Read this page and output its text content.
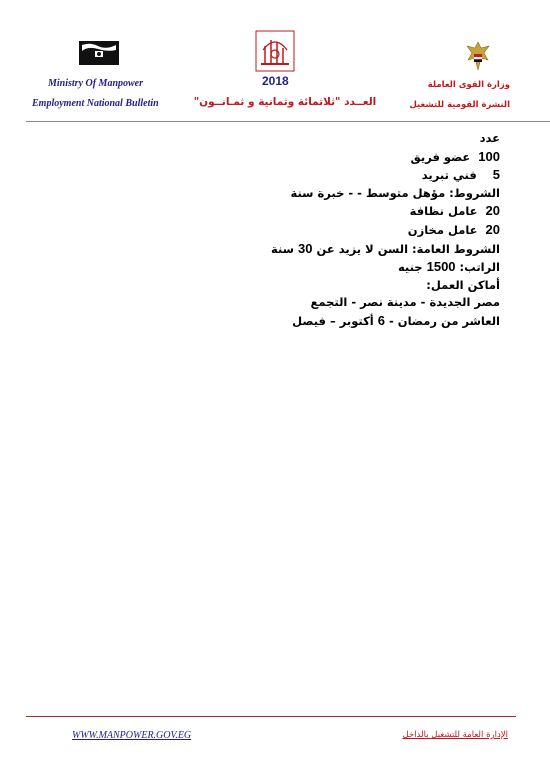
Ministry Of Manpower
Employment National Bulletin
2018
العــدد "ثلاثمائة وثمانية و ثمـانــون"
وزارة القوى العاملة
النشرة القومية للتشغيل
عدد
100عضو فريق
5فني تبريد
الشروط: مؤهل متوسط - - خبرة سنة
20عامل نظافة
20عامل مخازن
الشروط العامة: السن لا يزيد عن 30 سنة
الراتب: 1500 جنيه
أماكن العمل:
مصر الجديدة - مدينة نصر - التجمع
العاشر من رمضان - 6 أكتوبر – فيصل
WWW.MANPOWER.GOV.EG	الإدارة العامة للتشغيل بالداخل
